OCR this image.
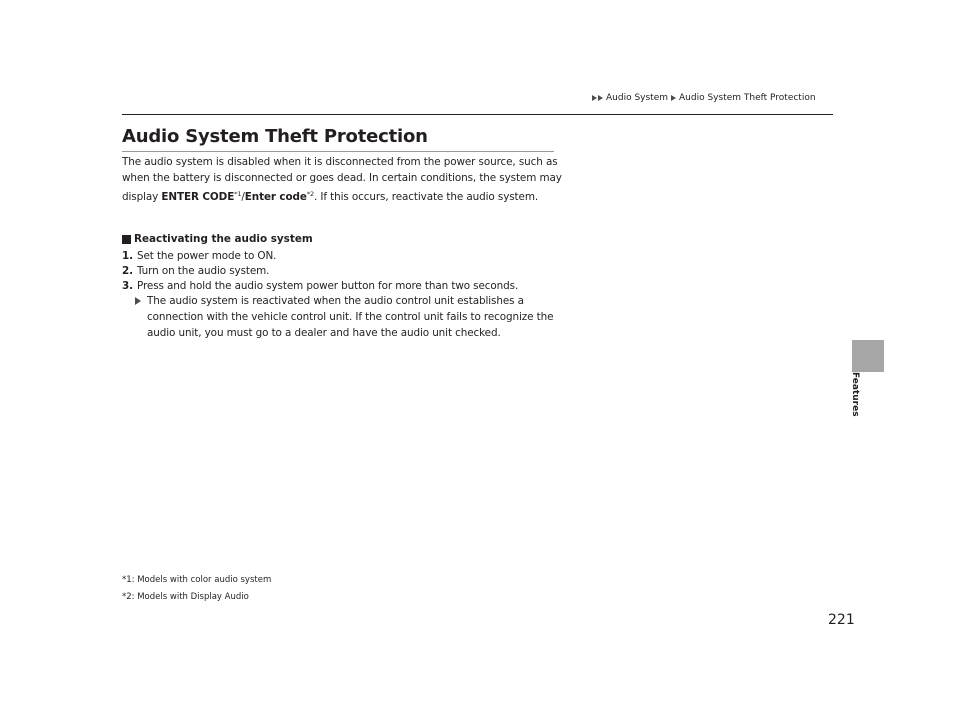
Audio System Audio System Theft Protection
Audio System Theft Protection

The audio system is disabled when it is disconnected from the power source, such as when the battery is disconnected or goes dead. In certain conditions, the system may display ENTER CODE$^{*1}$/Enter code$^{*2}$. If this occurs, reactivate the audio system.

Reactivating the audio system
1. Set the power mode to ON.
2. Turn on the audio system.
3. Press and hold the audio system power button for more than two seconds.
The audio system is reactivated when the audio control unit establishes a connection with the vehicle control unit. If the control unit fails to recognize the audio unit, you must go to a dealer and have the audio unit checked.
*1: Models with color audio system
*2: Models with Display Audio
Features
221
